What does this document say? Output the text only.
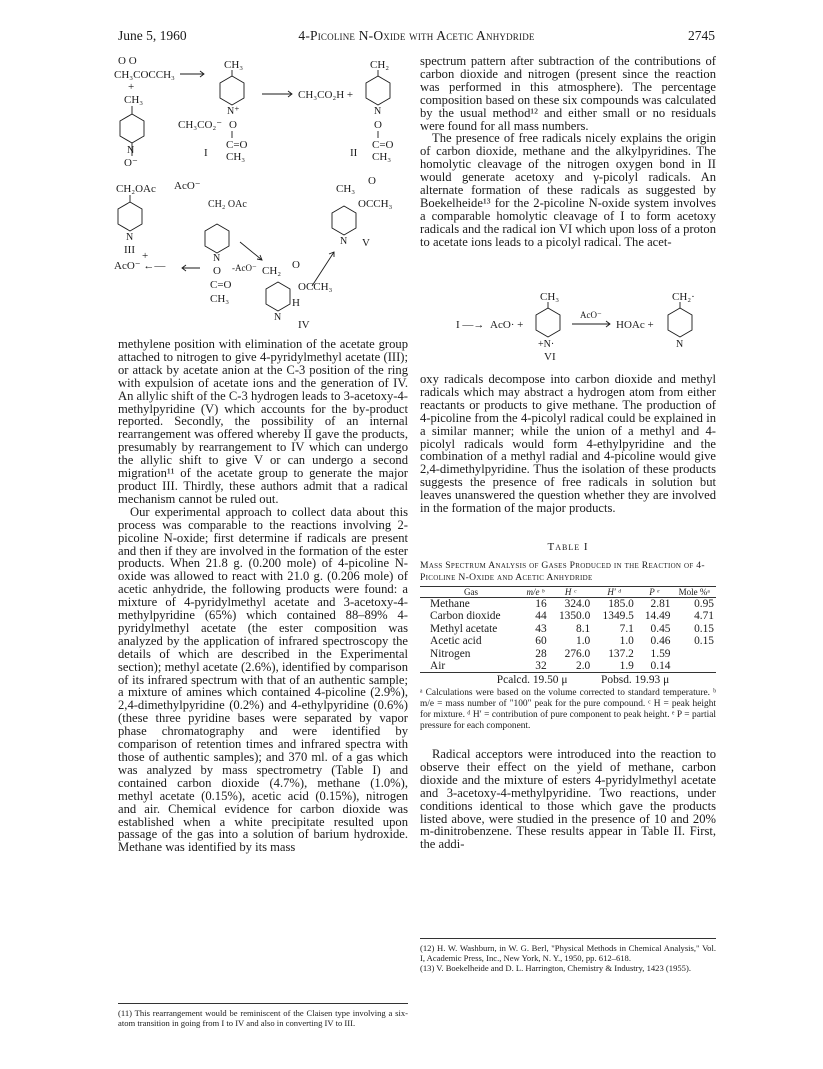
June 5, 1960	4-Picoline N-Oxide with Acetic Anhydride	2745
O O
CH₃COCCH₃
+
CH₃
N
O⁻
CH₃
N⁺
CH₃CO₂⁻ O
C=O
I CH₃
CH₃CO₂H +
CH₂
N
O
C=O
II CH₃
CH₂OAc
N
III
AcO⁻ ←—
+
AcO⁻
CH₂ OAc
N
O
C=O
CH₃
-AcO⁻ CH₂ O
OCCH₃
H
N
IV
CH₃
O
OCCH₃
N V

methylene position with elimination of the acetate group attached to nitrogen to give 4-pyridylmethyl acetate (III); or attack by acetate anion at the C-3 position of the ring with expulsion of acetate ions and the generation of IV. An allylic shift of the C-3 hydrogen leads to 3-acetoxy-4-methylpyridine (V) which accounts for the by-product reported. Secondly, the possibility of an internal rearrangement was offered whereby II gave the products, presumably by rearrangement to IV which can undergo the allylic shift to give V or can undergo a second migration¹¹ of the acetate group to generate the major product III. Thirdly, these authors admit that a radical mechanism cannot be ruled out.

Our experimental approach to collect data about this process was comparable to the reactions involving 2-picoline N-oxide; first determine if radicals are present and then if they are involved in the formation of the ester products. When 21.8 g. (0.200 mole) of 4-picoline N-oxide was allowed to react with 21.0 g. (0.206 mole) of acetic anhydride, the following products were found: a mixture of 4-pyridylmethyl acetate and 3-acetoxy-4-methylpyridine (65%) which contained 88–89% 4-pyridylmethyl acetate (the ester composition was analyzed by the application of infrared spectroscopy the details of which are described in the Experimental section); methyl acetate (2.6%), identified by comparison of its infrared spectrum with that of an authentic sample; a mixture of amines which contained 4-picoline (2.9%), 2,4-dimethylpyridine (0.2%) and 4-ethylpyridine (0.6%) (these three pyridine bases were separated by vapor phase chromatography and were identified by comparison of retention times and infrared spectra with those of authentic samples); and 370 ml. of a gas which was analyzed by mass spectrometry (Table I) and contained carbon dioxide (4.7%), methane (1.0%), methyl acetate (0.15%), acetic acid (0.15%), nitrogen and air. Chemical evidence for carbon dioxide was established when a white precipitate resulted upon passage of the gas into a solution of barium hydroxide. Methane was identified by its mass

(11) This rearrangement would be reminiscent of the Claisen type involving a six-atom transition in going from I to IV and also in converting IV to III.

spectrum pattern after subtraction of the contributions of carbon dioxide and nitrogen (present since the reaction was performed in this atmosphere). The percentage composition based on these six compounds was calculated by the usual method¹² and either small or no residuals were found for all mass numbers.

The presence of free radicals nicely explains the origin of carbon dioxide, methane and the alkylpyridines. The homolytic cleavage of the nitrogen oxygen bond in II would generate acetoxy and γ-picolyl radicals. An alternate formation of these radicals as suggested by Boekelheide¹³ for the 2-picoline N-oxide system involves a comparable homolytic cleavage of I to form acetoxy radicals and the radical ion VI which upon loss of a proton to acetate ions leads to a picolyl radical. The acet-

I —→ AcO· +
CH₃
+N·
VI
AcO⁻
HOAc +
CH₂·
N

oxy radicals decompose into carbon dioxide and methyl radicals which may abstract a hydrogen atom from either reactants or products to give methane. The production of 4-picoline from the 4-picolyl radical could be explained in a similar manner; while the union of a methyl and 4-picolyl radicals would form 4-ethylpyridine and the combination of a methyl radial and 4-picoline would give 2,4-dimethylpyridine. Thus the isolation of these products suggests the presence of free radicals in solution but leaves unanswered the question whether they are involved in the formation of the major products.

Table I
Mass Spectrum Analysis of Gases Produced in the Reaction of 4-Picoline N-Oxide and Acetic Anhydride
Gas	m/e ᵇ	H ᶜ	H′ ᵈ	P ᵉ	Mole %ᵃ
Methane	16	324.0	185.0	2.81	0.95
Carbon dioxide	44	1350.0	1349.5	14.49	4.71
Methyl acetate	43	8.1	7.1	0.45	0.15
Acetic acid	60	1.0	1.0	0.46	0.15
Nitrogen	28	276.0	137.2	1.59	
Air	32	2.0	1.9	0.14	
Pcalcd. 19.50 μ	Pobsd. 19.93 μ
ᵃ Calculations were based on the volume corrected to standard temperature. ᵇ m/e = mass number of "100" peak for the pure compound. ᶜ H = peak height for mixture. ᵈ H′ = contribution of pure component to peak height. ᵉ P = partial pressure for each component.

Radical acceptors were introduced into the reaction to observe their effect on the yield of methane, carbon dioxide and the mixture of esters 4-pyridylmethyl acetate and 3-acetoxy-4-methylpyridine. Two reactions, under conditions identical to those which gave the products listed above, were studied in the presence of 10 and 20% m-dinitrobenzene. These results appear in Table II. First, the addi-

(12) H. W. Washburn, in W. G. Berl, "Physical Methods in Chemical Analysis," Vol. I, Academic Press, Inc., New York, N. Y., 1950, pp. 612–618.
(13) V. Boekelheide and D. L. Harrington, Chemistry & Industry, 1423 (1955).
